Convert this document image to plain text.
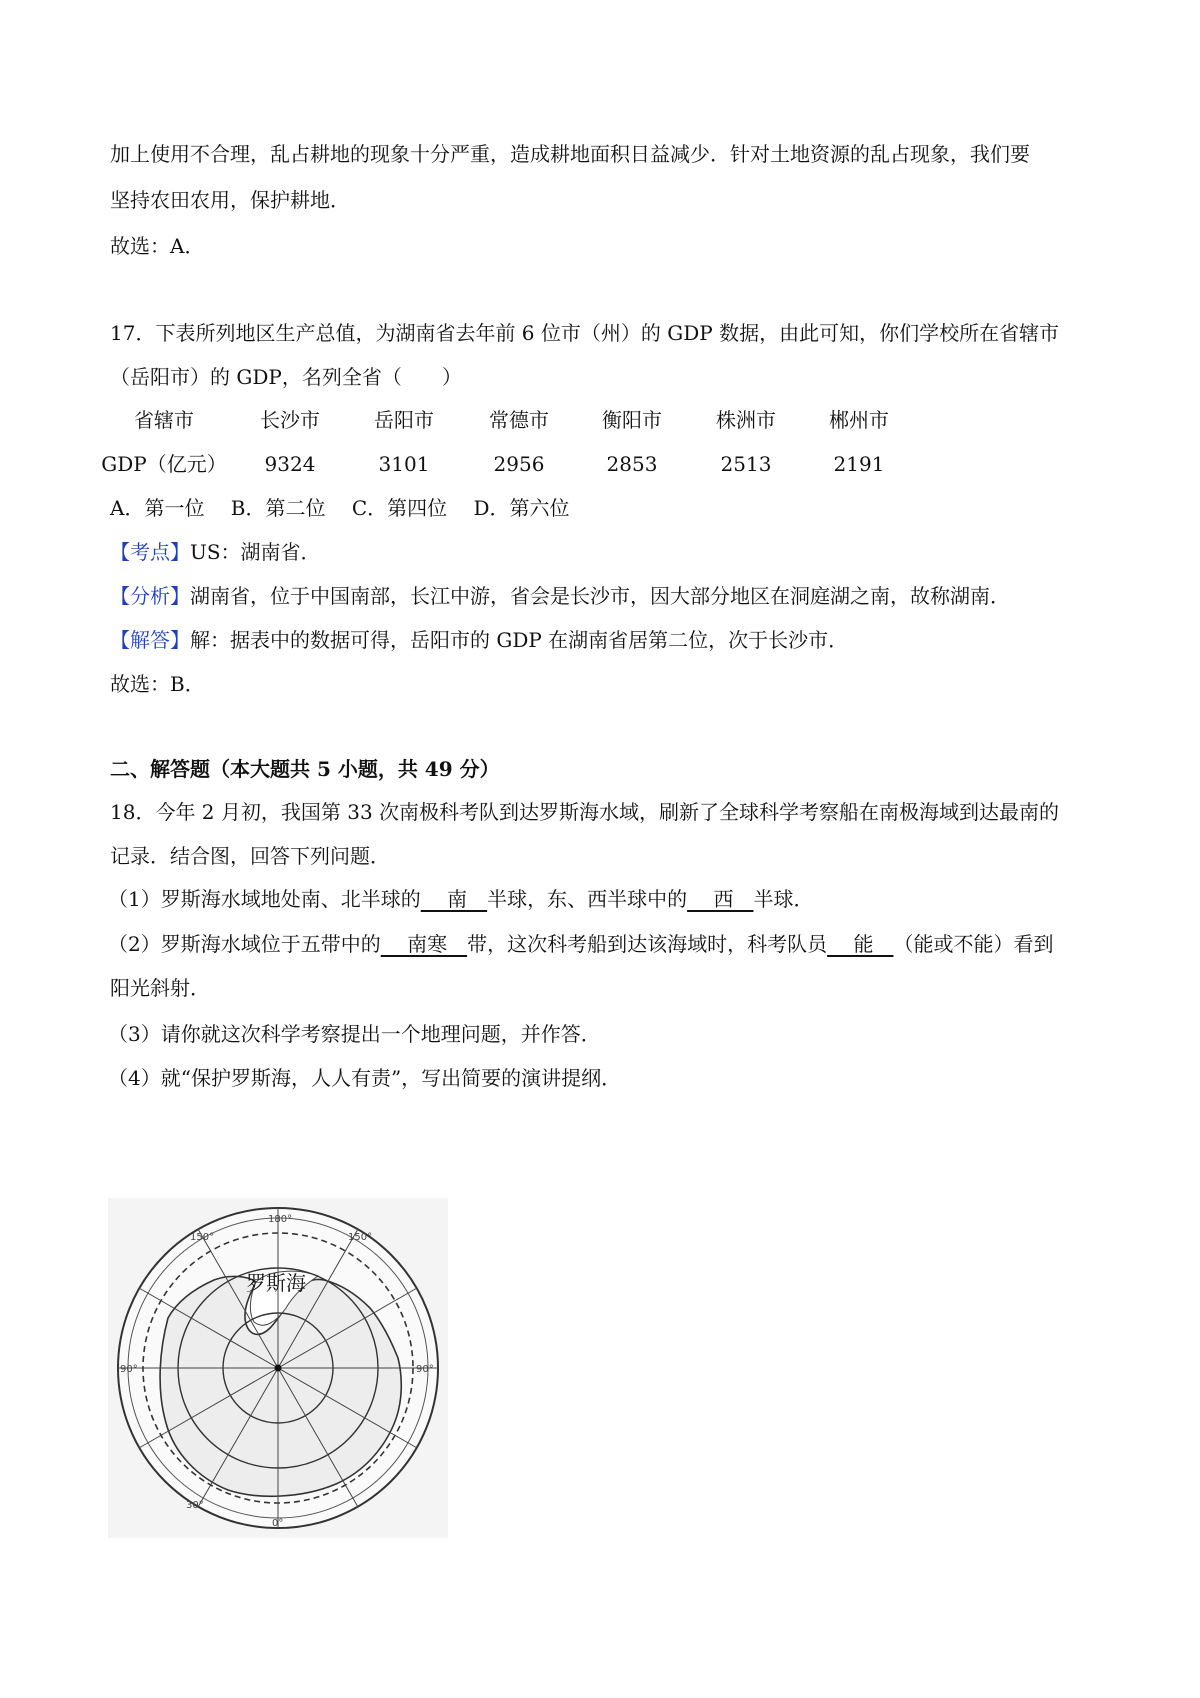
加上使用不合理，乱占耕地的现象十分严重，造成耕地面积日益减少．针对土地资源的乱占现象，我们要
坚持农田农用，保护耕地．
故选：A．
17．下表所列地区生产总值，为湖南省去年前 6 位市（州）的 GDP 数据，由此可知，你们学校所在省辖市
（岳阳市）的 GDP，名列全省（　　）
省辖市	长沙市	岳阳市	常德市	衡阳市	株洲市	郴州市
GDP（亿元）	9324	3101	2956	2853	2513	2191
A．第一位　 B．第二位　 C．第四位　 D．第六位
【考点】US：湖南省．
【分析】湖南省，位于中国南部，长江中游，省会是长沙市，因大部分地区在洞庭湖之南，故称湖南．
【解答】解：据表中的数据可得，岳阳市的 GDP 在湖南省居第二位，次于长沙市．
故选：B．
二、解答题（本大题共 5 小题，共 49 分）
18．今年 2 月初，我国第 33 次南极科考队到达罗斯海水域，刷新了全球科学考察船在南极海域到达最南的
记录．结合图，回答下列问题．
（1）罗斯海水域地处南、北半球的　 南　半球，东、西半球中的　 西　半球．
（2）罗斯海水域位于五带中的　 南寒　带，这次科考船到达该海域时，科考队员　 能　（能或不能）看到
阳光斜射．
（3）请你就这次科学考察提出一个地理问题，并作答．
（4）就“保护罗斯海，人人有责”，写出简要的演讲提纲．
罗斯海
180°
150°	150°
90°	90°
30°
0°
